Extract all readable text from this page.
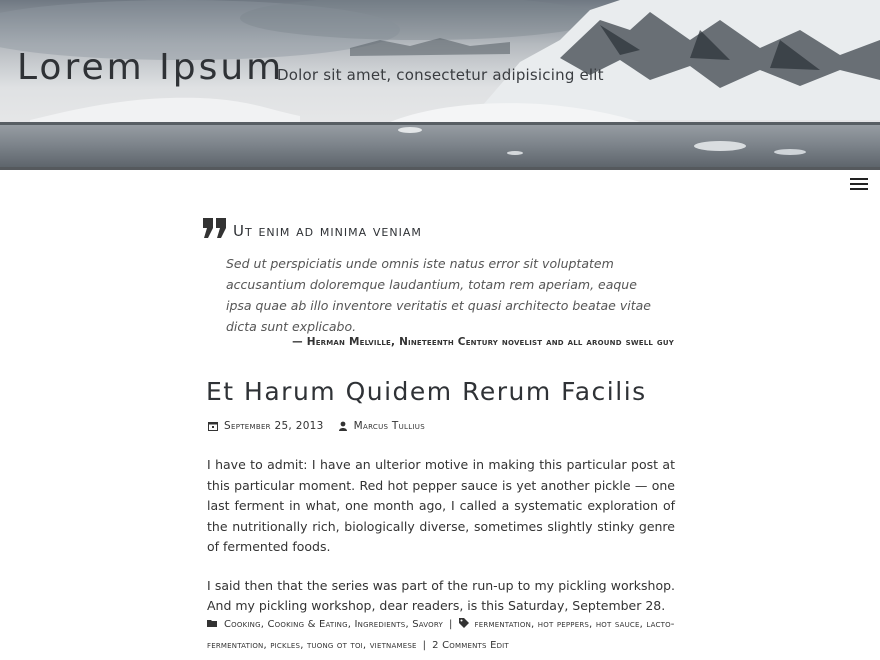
Lorem Ipsum
Dolor sit amet, consectetur adipisicing elit
Ut enim ad minima veniam
Sed ut perspiciatis unde omnis iste natus error sit voluptatem accusantium doloremque laudantium, totam rem aperiam, eaque ipsa quae ab illo inventore veritatis et quasi architecto beatae vitae dicta sunt explicabo.
— Herman Melville, Nineteenth Century novelist and all around swell guy
Et Harum Quidem Rerum Facilis
September 25, 2013	Marcus Tullius

I have to admit: I have an ulterior motive in making this particular post at this particular moment. Red hot pepper sauce is yet another pickle — one last ferment in what, one month ago, I called a systematic exploration of the nutritionally rich, biologically diverse, sometimes slightly stinky genre of fermented foods.

I said then that the series was part of the run-up to my pickling workshop. And my pickling workshop, dear readers, is this Saturday, September 28.

Cooking, Cooking & Eating, Ingredients, Savory | fermentation, hot peppers, hot sauce, lacto-fermentation, pickles, tuong ot toi, vietnamese | 2 Comments Edit
